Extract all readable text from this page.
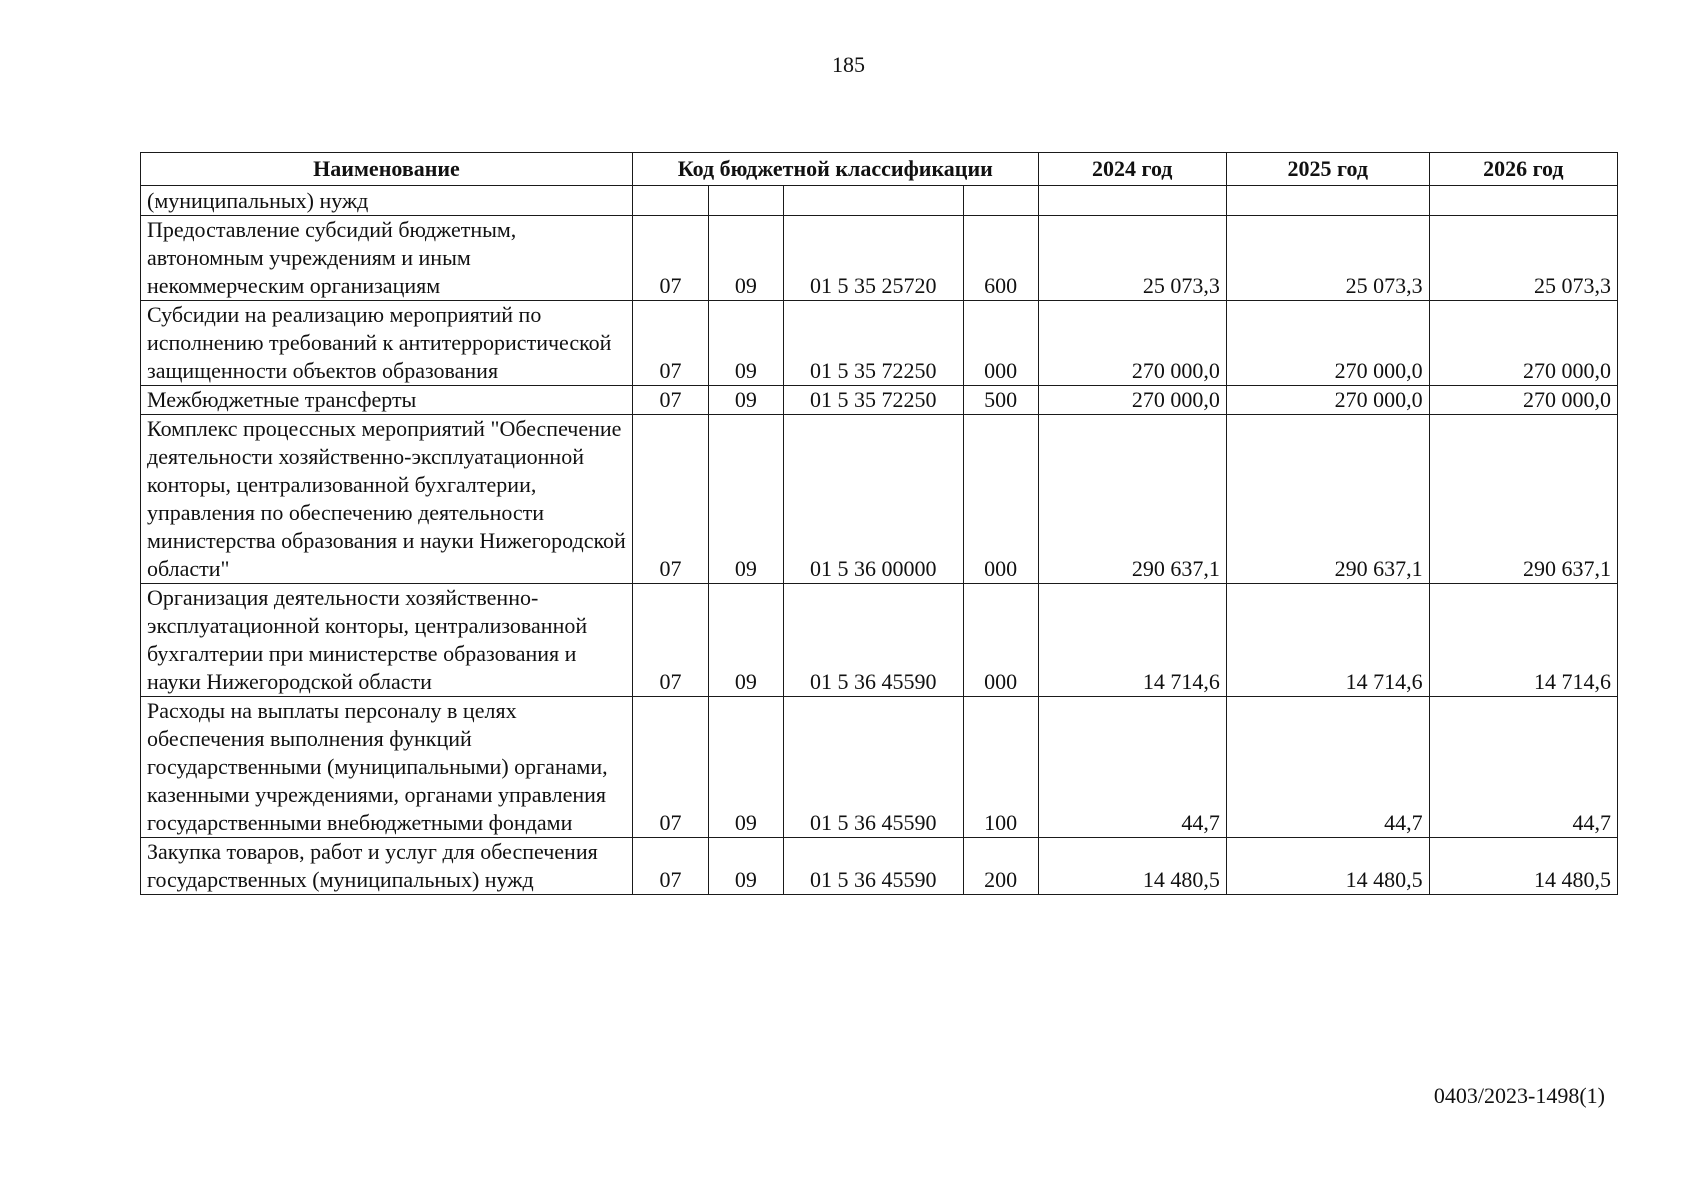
185
Наименование	Код бюджетной классификации				2024 год	2025 год	2026 год
(муниципальных) нужд							
Предоставление субсидий бюджетным, автономным учреждениям и иным некоммерческим организациям	07	09	01 5 35 25720	600	25 073,3	25 073,3	25 073,3
Субсидии на реализацию мероприятий по исполнению требований к антитеррористической защищенности объектов образования	07	09	01 5 35 72250	000	270 000,0	270 000,0	270 000,0
Межбюджетные трансферты	07	09	01 5 35 72250	500	270 000,0	270 000,0	270 000,0
Комплекс процессных мероприятий "Обеспечение деятельности хозяйственно-эксплуатационной конторы, централизованной бухгалтерии, управления по обеспечению деятельности министерства образования и науки Нижегородской области"	07	09	01 5 36 00000	000	290 637,1	290 637,1	290 637,1
Организация деятельности хозяйственно-эксплуатационной конторы, централизованной бухгалтерии при министерстве образования и науки Нижегородской области	07	09	01 5 36 45590	000	14 714,6	14 714,6	14 714,6
Расходы на выплаты персоналу в целях обеспечения выполнения функций государственными (муниципальными) органами, казенными учреждениями, органами управления государственными внебюджетными фондами	07	09	01 5 36 45590	100	44,7	44,7	44,7
Закупка товаров, работ и услуг для обеспечения государственных (муниципальных) нужд	07	09	01 5 36 45590	200	14 480,5	14 480,5	14 480,5
0403/2023-1498(1)
